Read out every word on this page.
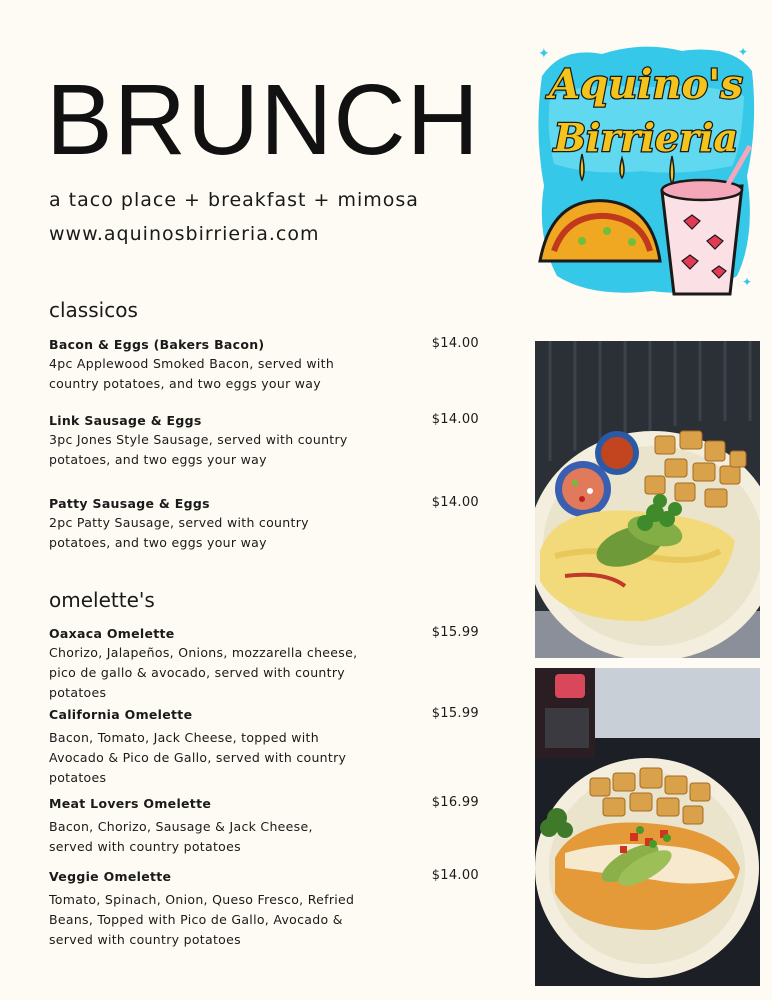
BRUNCH
a taco place + breakfast + mimosa
www.aquinosbirrieria.com
✦	✦
✦
Aquino's
Birrieria
classicos
Bacon & Eggs (Bakers Bacon)
4pc Applewood Smoked Bacon, served with country potatoes, and two eggs your way
$14.00
Link Sausage & Eggs
3pc Jones Style Sausage, served with country potatoes, and two eggs your way
$14.00
Patty Sausage & Eggs
2pc Patty Sausage, served with country potatoes, and two eggs your way
$14.00
omelette's
Oaxaca Omelette
Chorizo, Jalapeños, Onions, mozzarella cheese, pico de gallo & avocado, served with country potatoes
$15.99
California Omelette
Bacon, Tomato, Jack Cheese, topped with Avocado & Pico de Gallo, served with country potatoes
$15.99
Meat Lovers Omelette
Bacon, Chorizo, Sausage & Jack Cheese, served with country potatoes
$16.99
Veggie Omelette
Tomato, Spinach, Onion, Queso Fresco, Refried Beans, Topped with Pico de Gallo, Avocado & served with country potatoes
$14.00
